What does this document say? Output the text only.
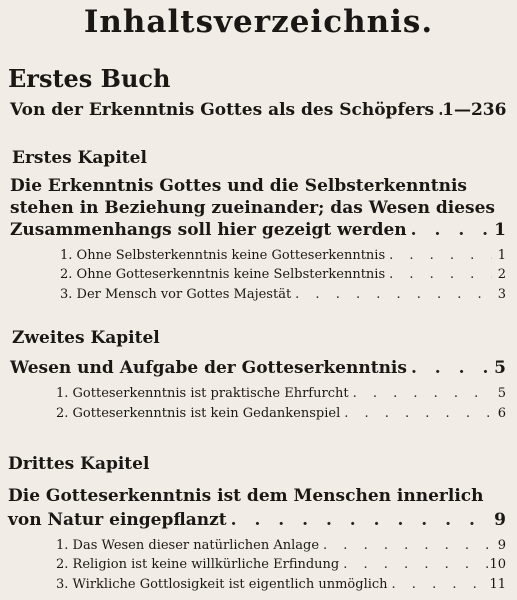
Inhaltsverzeichnis.
Erstes Buch
Von der Erkenntnis Gottes als des Schöpfers . . . 1—236
Erstes Kapitel
Die Erkenntnis Gottes und die Selbsterkenntnis
stehen in Beziehung zueinander; das Wesen dieses
Zusammenhangs soll hier gezeigt werden . . .	1
1. Ohne Selbsterkenntnis keine Gotteserkenntnis . . .	1
2. Ohne Gotteserkenntnis keine Selbsterkenntnis . . .	2
3. Der Mensch vor Gottes Majestät . . .	3
Zweites Kapitel
Wesen und Aufgabe der Gotteserkenntnis . . .	5
1. Gotteserkenntnis ist praktische Ehrfurcht . . .	5
2. Gotteserkenntnis ist kein Gedankenspiel . . .	6
Drittes Kapitel
Die Gotteserkenntnis ist dem Menschen innerlich
von Natur eingepflanzt . . .	9
1. Das Wesen dieser natürlichen Anlage . . .	9
2. Religion ist keine willkürliche Erfindung . . .	10
3. Wirkliche Gottlosigkeit ist eigentlich unmöglich . . .	11
